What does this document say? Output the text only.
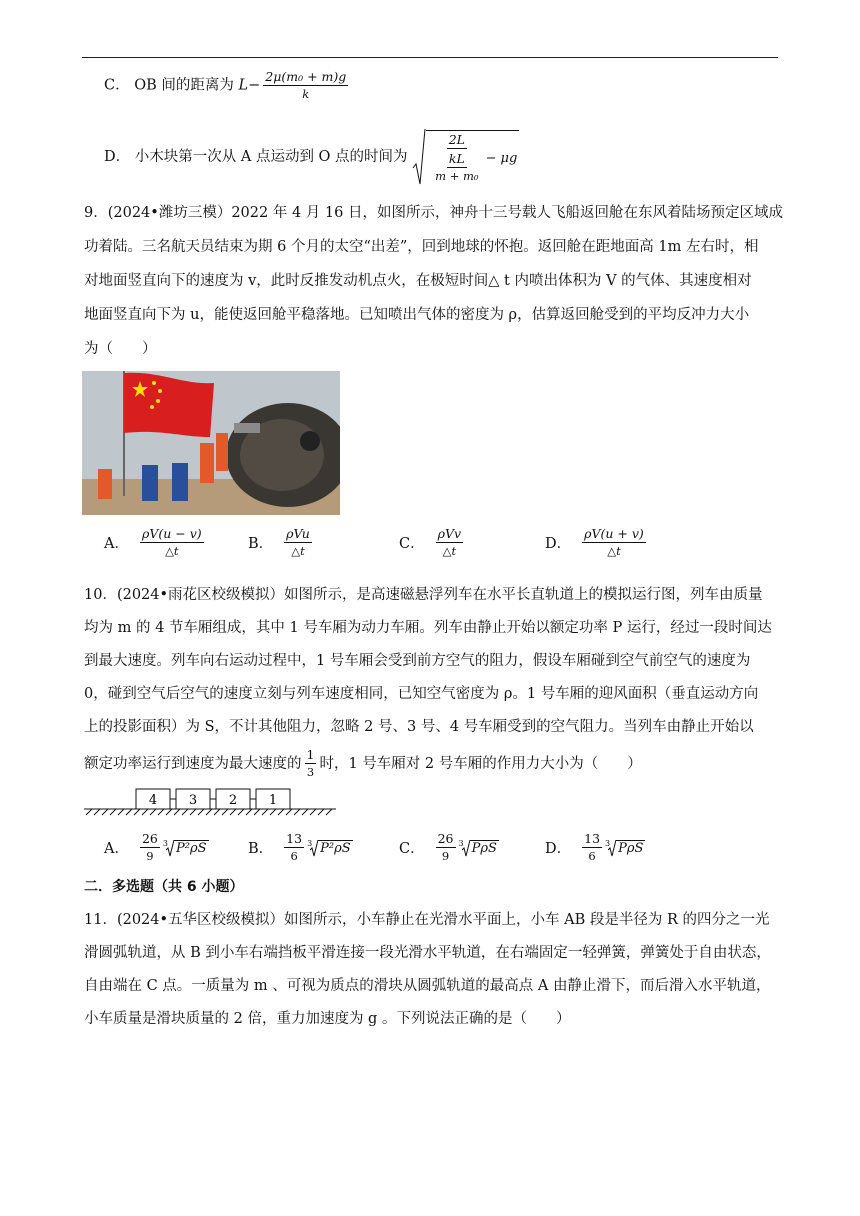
C． OB 间的距离为 $L- \frac{\text{2μ(m₀ + m)g}}{k}$
D． 小木块第一次从 A 点运动到 O 点的时间为 $\frac{2L}{\frac{kL}{\text{m + m₀}}} - \mu g$
9．(2024•潍坊三模）2022 年 4 月 16 日，如图所示，神舟十三号载人飞船返回舱在东风着陆场预定区域成
功着陆。三名航天员结束为期 6 个月的太空“出差”，回到地球的怀抱。返回舱在距地面高 1m 左右时，相
对地面竖直向下的速度为 v，此时反推发动机点火，在极短时间△ t 内喷出体积为 V 的气体、其速度相对
地面竖直向下为 u，能使返回舱平稳落地。已知喷出气体的密度为 ρ，估算返回舱受到的平均反冲力大小
为（　　）
A． $\frac{\rho V(u - v)}{\triangle t}$	B． $\frac{\text{ρVu}}{\triangle t}$	C． $\frac{\text{ρVv}}{\triangle t}$	D． $\frac{\rho V(u + v)}{\triangle t}$
10．(2024•雨花区校级模拟）如图所示，是高速磁悬浮列车在水平长直轨道上的模拟运行图，列车由质量
均为 m 的 4 节车厢组成，其中 1 号车厢为动力车厢。列车由静止开始以额定功率 P 运行，经过一段时间达
到最大速度。列车向右运动过程中，1 号车厢会受到前方空气的阻力，假设车厢碰到空气前空气的速度为
0，碰到空气后空气的速度立刻与列车速度相同，已知空气密度为 ρ。1 号车厢的迎风面积（垂直运动方向
上的投影面积）为 S，不计其他阻力，忽略 2 号、3 号、4 号车厢受到的空气阻力。当列车由静止开始以
额定功率运行到速度为最大速度的 $\frac{1}{3}$ 时，1 号车厢对 2 号车厢的作用力大小为（　　）
4 3 2 1
A． $\frac{26}{9} ^3$ P²ρS	B． $\frac{13}{6} ^3$ P²ρS	C． $\frac{26}{9} ^3$ PρS	D． $\frac{13}{6} ^3$ PρS
二．多选题（共 6 小题）
11．(2024•五华区校级模拟）如图所示，小车静止在光滑水平面上，小车 AB 段是半径为 R 的四分之一光
滑圆弧轨道，从 B 到小车右端挡板平滑连接一段光滑水平轨道，在右端固定一轻弹簧，弹簧处于自由状态，
自由端在 C 点。一质量为 m 、可视为质点的滑块从圆弧轨道的最高点 A 由静止滑下，而后滑入水平轨道，
小车质量是滑块质量的 2 倍，重力加速度为 g 。下列说法正确的是（　　）
